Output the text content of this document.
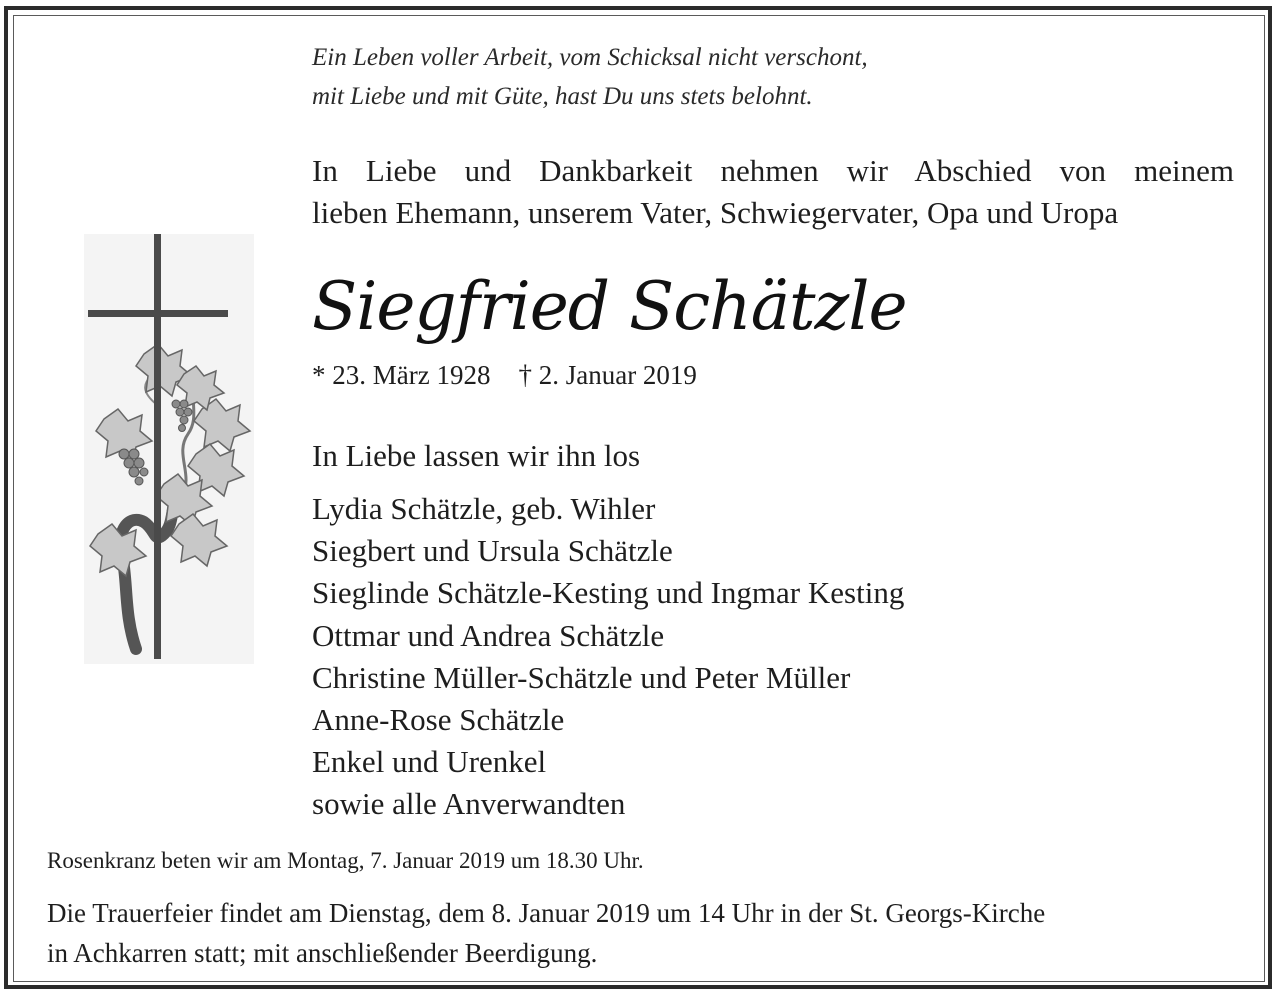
Ein Leben voller Arbeit, vom Schicksal nicht verschont,
mit Liebe und mit Güte, hast Du uns stets belohnt.
In Liebe und Dankbarkeit nehmen wir Abschied von meinem
lieben Ehemann, unserem Vater, Schwiegervater, Opa und Uropa
Siegfried Schätzle
* 23. März 1928 † 2. Januar 2019
In Liebe lassen wir ihn los
Lydia Schätzle, geb. Wihler
Siegbert und Ursula Schätzle
Sieglinde Schätzle-Kesting und Ingmar Kesting
Ottmar und Andrea Schätzle
Christine Müller-Schätzle und Peter Müller
Anne-Rose Schätzle
Enkel und Urenkel
sowie alle Anverwandten
Rosenkranz beten wir am Montag, 7. Januar 2019 um 18.30 Uhr.
Die Trauerfeier findet am Dienstag, dem 8. Januar 2019 um 14 Uhr in der St. Georgs-Kirche
in Achkarren statt; mit anschließender Beerdigung.
